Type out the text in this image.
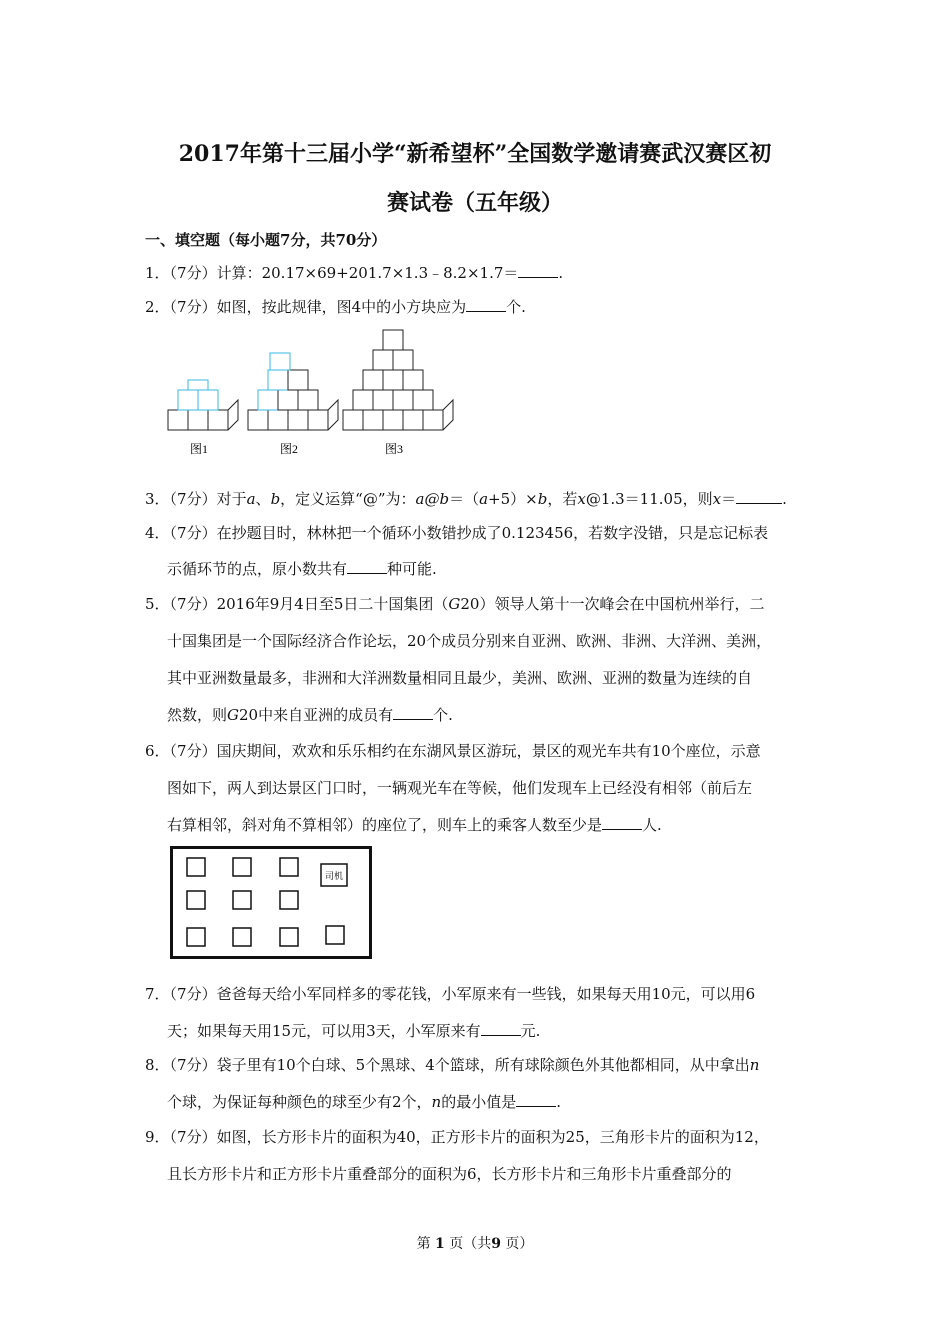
2017年第十三届小学“新希望杯”全国数学邀请赛武汉赛区初
赛试卷（五年级）
一、填空题（每小题7分，共70分）
1．（7分）计算：20.17×69+201.7×1.3﹣8.2×1.7＝	.
2．（7分）如图，按此规律，图4中的小方块应为	个.
图1	图2	图3
3．（7分）对于a、b，定义运算“@”为：a@b＝（a+5）×b，若x@1.3＝11.05，则x＝	.
4．（7分）在抄题目时，林林把一个循环小数错抄成了0.123456，若数字没错，只是忘记标表
示循环节的点，原小数共有	种可能.
5．（7分）2016年9月4日至5日二十国集团（G20）领导人第十一次峰会在中国杭州举行，二
十国集团是一个国际经济合作论坛，20个成员分别来自亚洲、欧洲、非洲、大洋洲、美洲，
其中亚洲数量最多，非洲和大洋洲数量相同且最少，美洲、欧洲、亚洲的数量为连续的自
然数，则G20中来自亚洲的成员有	个.
6．（7分）国庆期间，欢欢和乐乐相约在东湖风景区游玩，景区的观光车共有10个座位，示意
图如下，两人到达景区门口时，一辆观光车在等候，他们发现车上已经没有相邻（前后左
右算相邻，斜对角不算相邻）的座位了，则车上的乘客人数至少是	人.
司机
7．（7分）爸爸每天给小军同样多的零花钱，小军原来有一些钱，如果每天用10元，可以用6
天；如果每天用15元，可以用3天，小军原来有	元.
8．（7分）袋子里有10个白球、5个黑球、4个篮球，所有球除颜色外其他都相同，从中拿出n
个球，为保证每种颜色的球至少有2个，n的最小值是	.
9．（7分）如图，长方形卡片的面积为40，正方形卡片的面积为25，三角形卡片的面积为12，
且长方形卡片和正方形卡片重叠部分的面积为6，长方形卡片和三角形卡片重叠部分的
第 1 页（共9 页）
